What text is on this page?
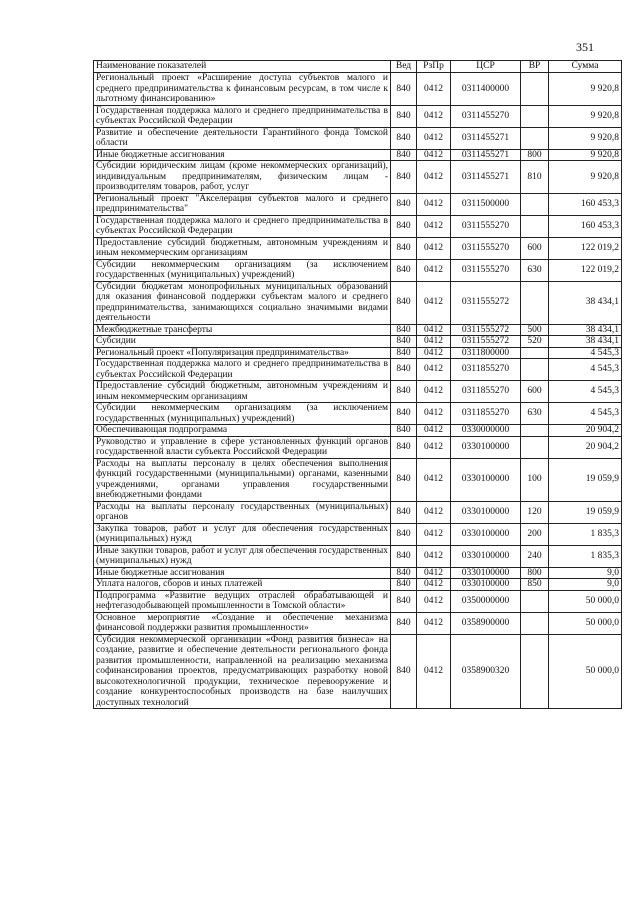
351
Наименование показателей	Вед	РзПр	ЦСР	ВР	Сумма
Региональный проект «Расширение доступа субъектов малого и среднего предпринимательства к финансовым ресурсам, в том числе к льготному финансированию»	840	0412	0311400000		9 920,8
Государственная поддержка малого и среднего предпринимательства в субъектах Российской Федерации	840	0412	0311455270		9 920,8
Развитие и обеспечение деятельности Гарантийного фонда Томской области	840	0412	0311455271		9 920,8
Иные бюджетные ассигнования	840	0412	0311455271	800	9 920,8
Субсидии юридическим лицам (кроме некоммерческих организаций), индивидуальным предпринимателям, физическим лицам - производителям товаров, работ, услуг	840	0412	0311455271	810	9 920,8
Региональный проект "Акселерация субъектов малого и среднего предпринимательства"	840	0412	0311500000		160 453,3
Государственная поддержка малого и среднего предпринимательства в субъектах Российской Федерации	840	0412	0311555270		160 453,3
Предоставление субсидий бюджетным, автономным учреждениям и иным некоммерческим организациям	840	0412	0311555270	600	122 019,2
Субсидии некоммерческим организациям (за исключением государственных (муниципальных) учреждений)	840	0412	0311555270	630	122 019,2
Субсидии бюджетам монопрофильных муниципальных образований для оказания финансовой поддержки субъектам малого и среднего предпринимательства, занимающихся социально значимыми видами деятельности	840	0412	0311555272		38 434,1
Межбюджетные трансферты	840	0412	0311555272	500	38 434,1
Субсидии	840	0412	0311555272	520	38 434,1
Региональный проект «Популяризация предпринимательства»	840	0412	0311800000		4 545,3
Государственная поддержка малого и среднего предпринимательства в субъектах Российской Федерации	840	0412	0311855270		4 545,3
Предоставление субсидий бюджетным, автономным учреждениям и иным некоммерческим организациям	840	0412	0311855270	600	4 545,3
Субсидии некоммерческим организациям (за исключением государственных (муниципальных) учреждений)	840	0412	0311855270	630	4 545,3
Обеспечивающая подпрограмма	840	0412	0330000000		20 904,2
Руководство и управление в сфере установленных функций органов государственной власти субъекта Российской Федерации	840	0412	0330100000		20 904,2
Расходы на выплаты персоналу в целях обеспечения выполнения функций государственными (муниципальными) органами, казенными учреждениями, органами управления государственными внебюджетными фондами	840	0412	0330100000	100	19 059,9
Расходы на выплаты персоналу государственных (муниципальных) органов	840	0412	0330100000	120	19 059,9
Закупка товаров, работ и услуг для обеспечения государственных (муниципальных) нужд	840	0412	0330100000	200	1 835,3
Иные закупки товаров, работ и услуг для обеспечения государственных (муниципальных) нужд	840	0412	0330100000	240	1 835,3
Иные бюджетные ассигнования	840	0412	0330100000	800	9,0
Уплата налогов, сборов и иных платежей	840	0412	0330100000	850	9,0
Подпрограмма «Развитие ведущих отраслей обрабатывающей и нефтегазодобывающей промышленности в Томской области»	840	0412	0350000000		50 000,0
Основное мероприятие «Создание и обеспечение механизма финансовой поддержки развития промышленности»	840	0412	0358900000		50 000,0
Субсидия некоммерческой организации «Фонд развития бизнеса» на создание, развитие и обеспечение деятельности регионального фонда развития промышленности, направленной на реализацию механизма софинансирования проектов, предусматривающих разработку новой высокотехнологичной продукции, техническое перевооружение и создание конкурентоспособных производств на базе наилучших доступных технологий	840	0412	0358900320		50 000,0
